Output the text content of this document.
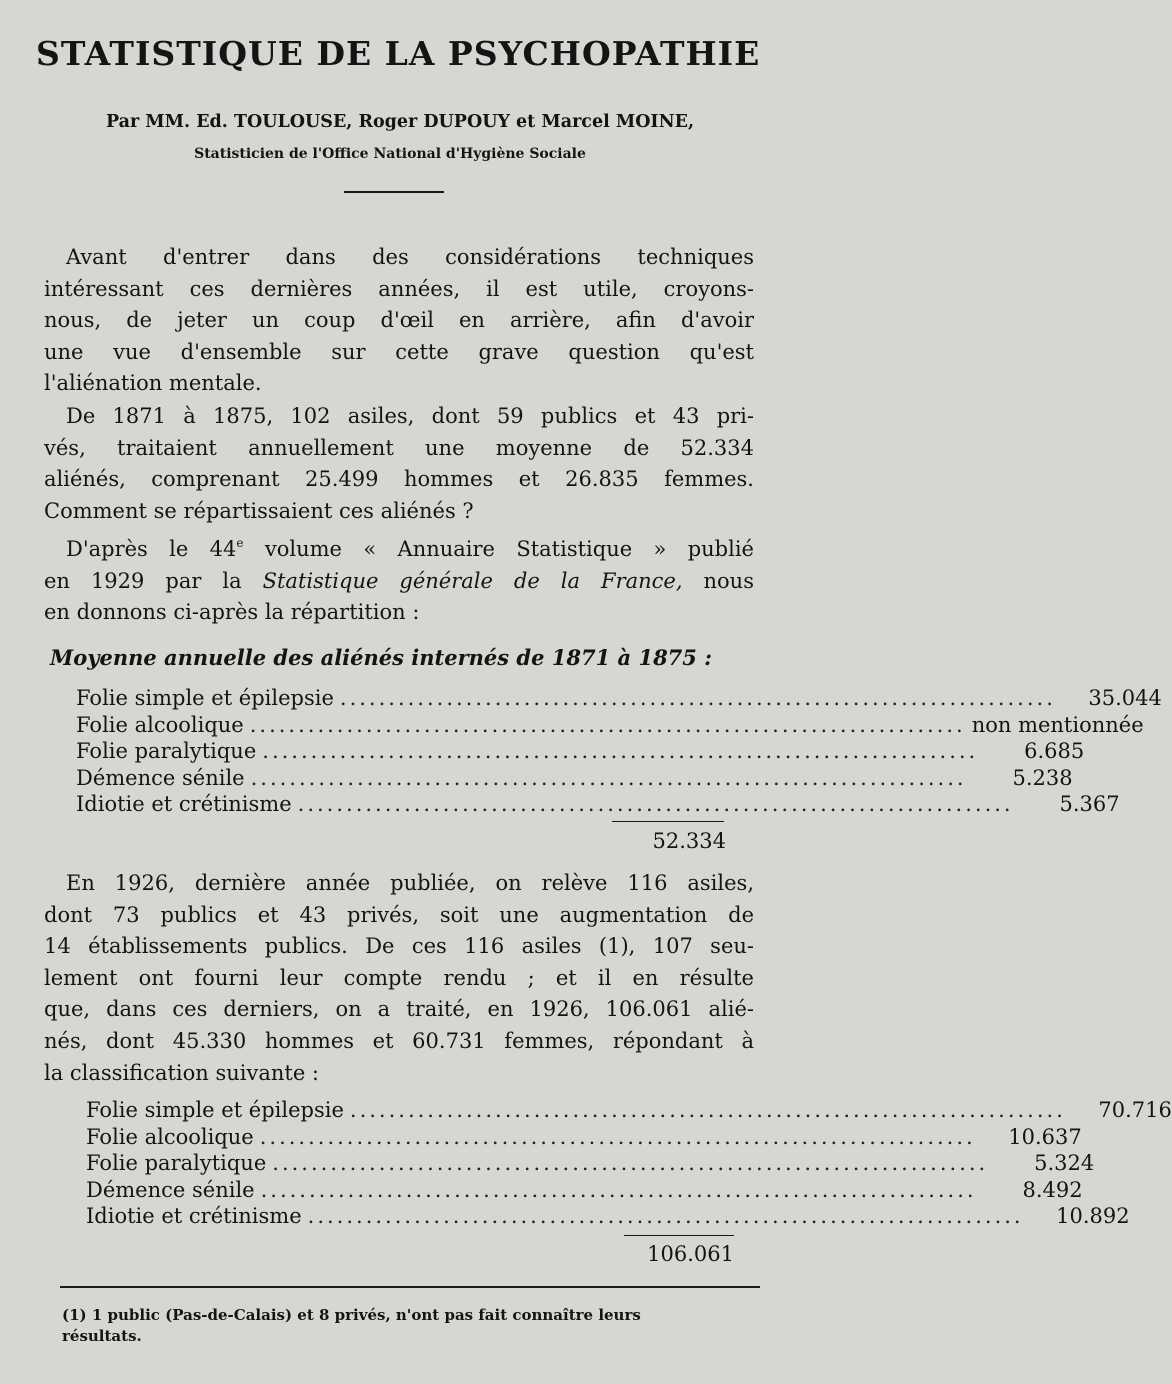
STATISTIQUE DE LA PSYCHOPATHIE
Par MM. Ed. TOULOUSE, Roger DUPOUY et Marcel MOINE,
Statisticien de l'Office National d'Hygiène Sociale
Avant d'entrer dans des considérations techniques
intéressant ces dernières années, il est utile, croyons-
nous, de jeter un coup d'œil en arrière, afin d'avoir
une vue d'ensemble sur cette grave question qu'est
l'aliénation mentale.
De 1871 à 1875, 102 asiles, dont 59 publics et 43 pri-
vés, traitaient annuellement une moyenne de 52.334
aliénés, comprenant 25.499 hommes et 26.835 femmes.
Comment se répartissaient ces aliénés ?
D'après le 44e volume « Annuaire Statistique » publié
en 1929 par la Statistique générale de la France, nous
en donnons ci-après la répartition :
Moyenne annuelle des aliénés internés de 1871 à 1875 :
Folie simple et épilepsie ..........................................................................	35.044
Folie alcoolique .......................................................................... non mentionnée
Folie paralytique ..........................................................................	6.685
Démence sénile ..........................................................................	5.238
Idiotie et crétinisme ..........................................................................	5.367
52.334
En 1926, dernière année publiée, on relève 116 asiles,
dont 73 publics et 43 privés, soit une augmentation de
14 établissements publics. De ces 116 asiles (1), 107 seu-
lement ont fourni leur compte rendu ; et il en résulte
que, dans ces derniers, on a traité, en 1926, 106.061 alié-
nés, dont 45.330 hommes et 60.731 femmes, répondant à
la classification suivante :
Folie simple et épilepsie ..........................................................................	70.716
Folie alcoolique ..........................................................................	10.637
Folie paralytique ..........................................................................	5.324
Démence sénile ..........................................................................	8.492
Idiotie et crétinisme ..........................................................................	10.892
106.061
(1) 1 public (Pas-de-Calais) et 8 privés, n'ont pas fait connaître leurs
résultats.
